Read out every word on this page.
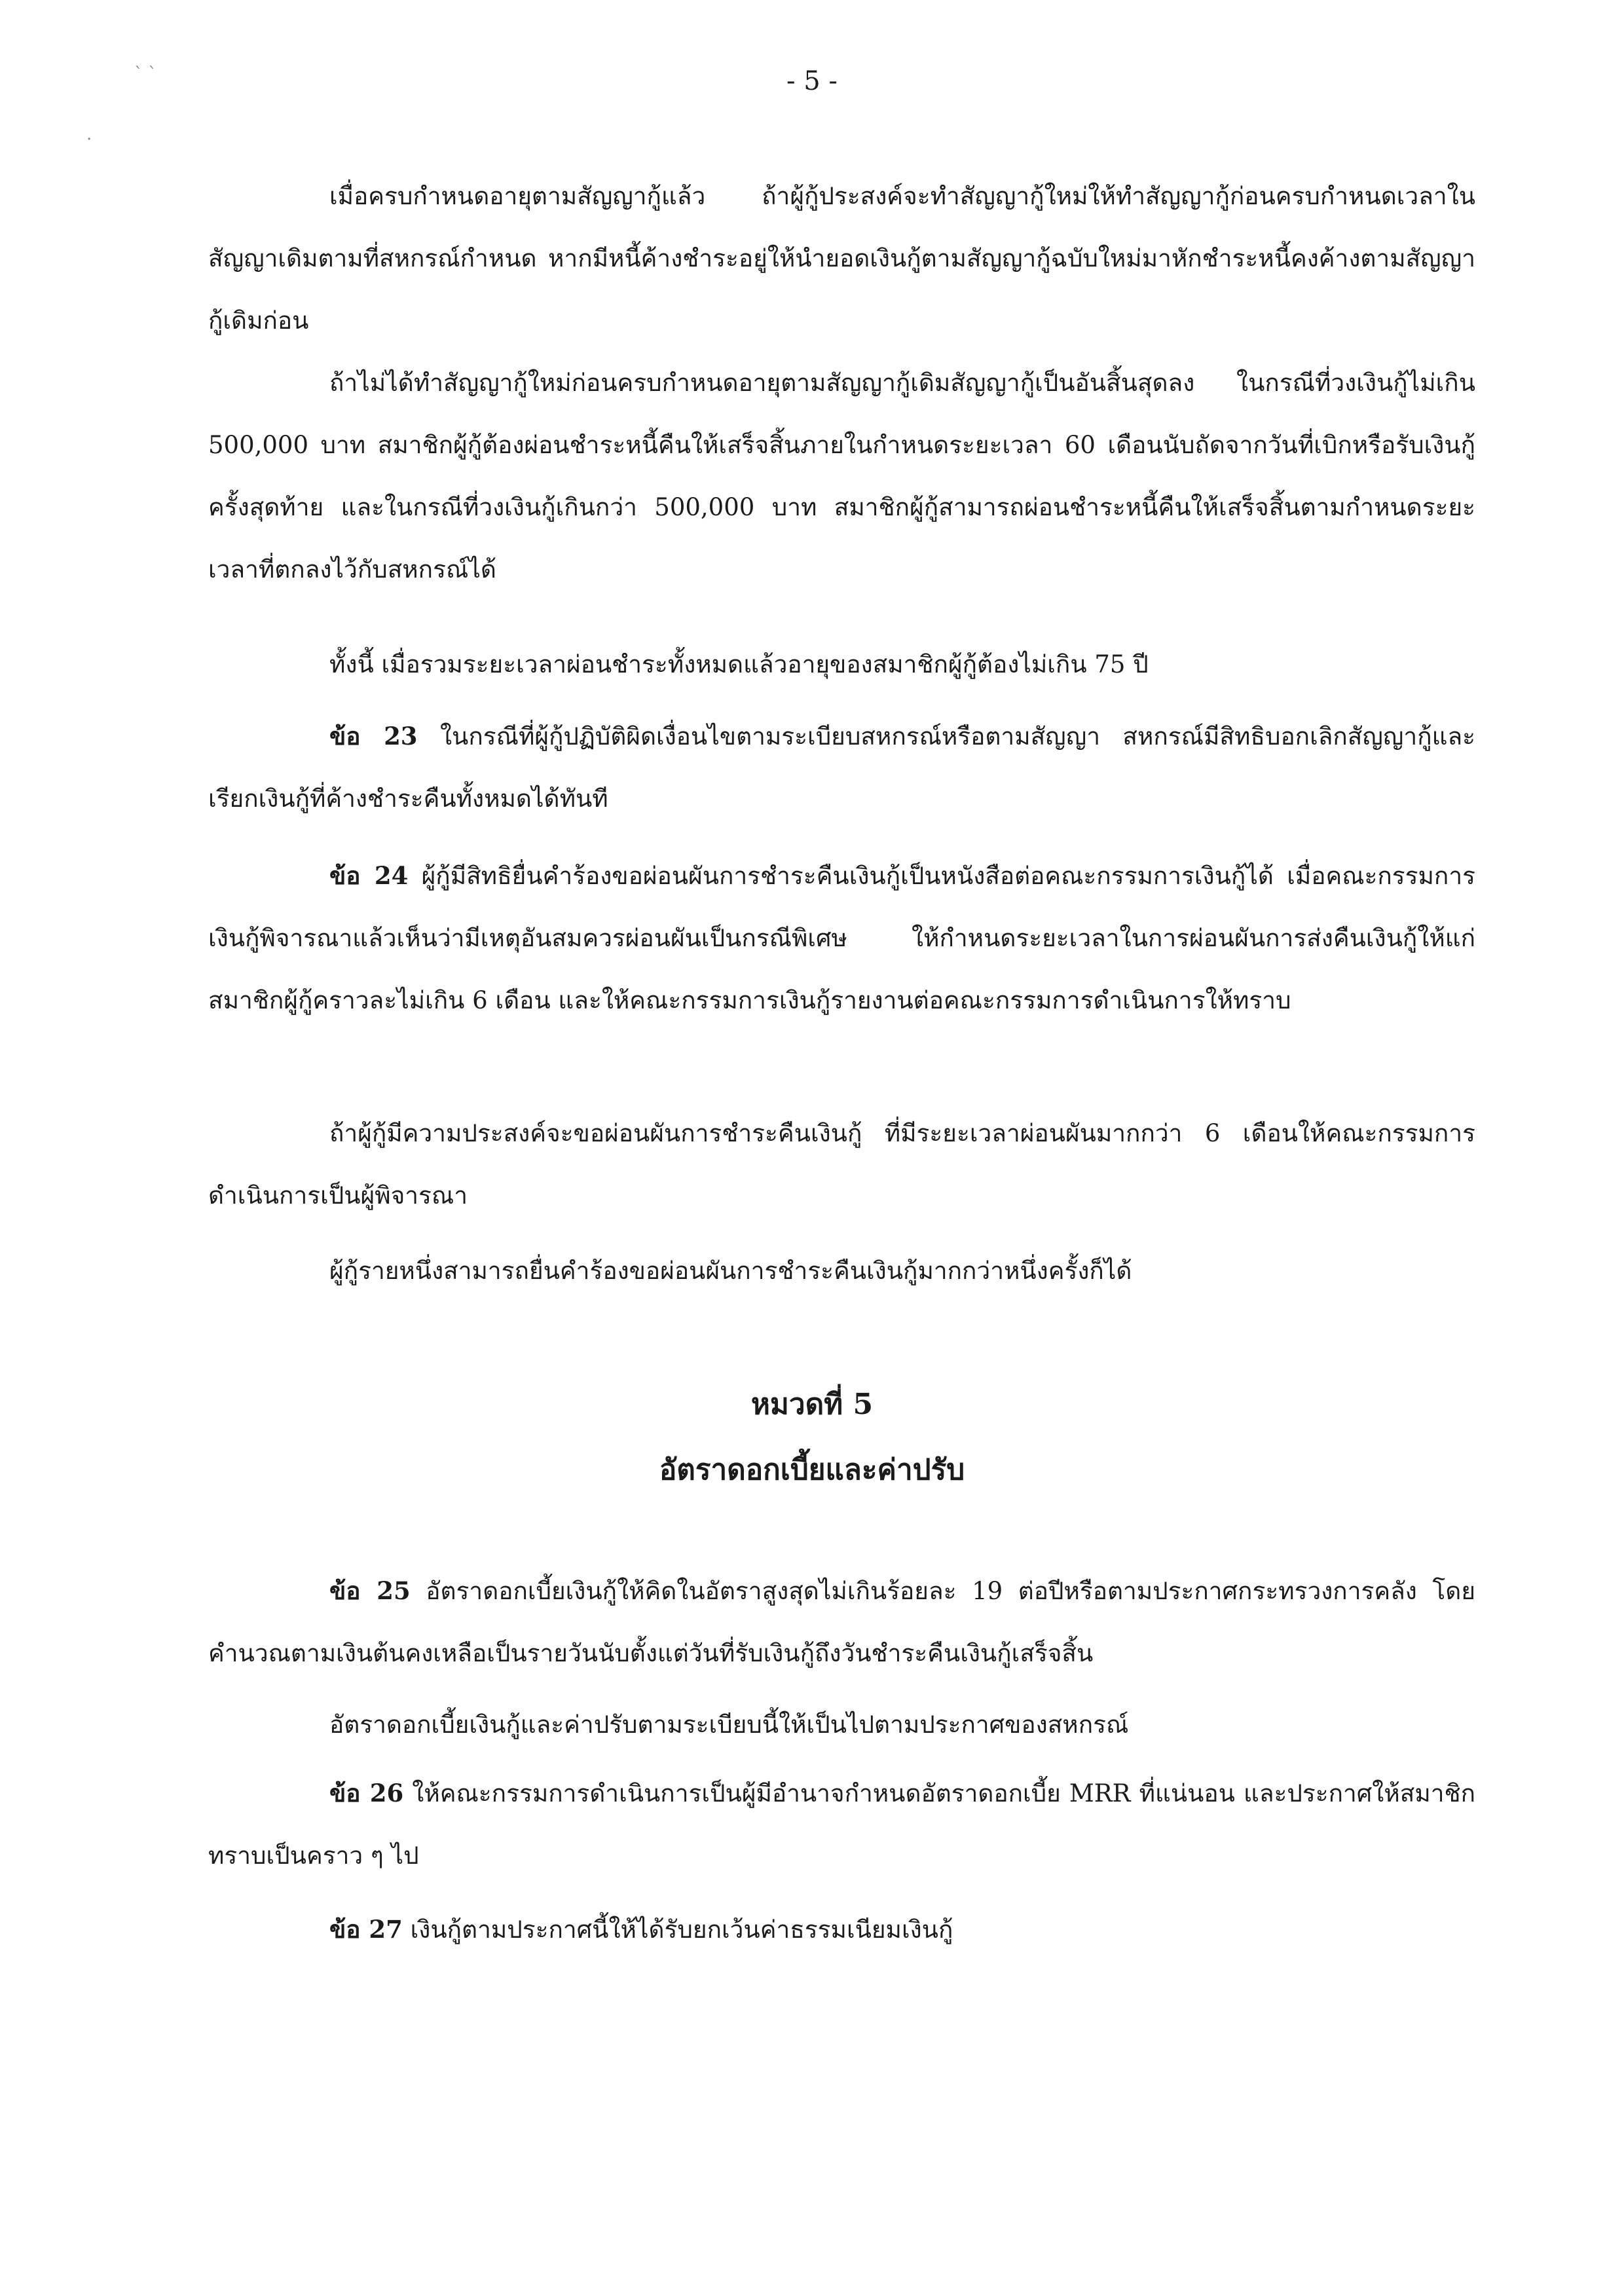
- 5 -
` `
.

เมื่อครบกำหนดอายุตามสัญญากู้แล้ว ถ้าผู้กู้ประสงค์จะทำสัญญากู้ใหม่ให้ทำสัญญากู้ก่อนครบกำหนดเวลาในสัญญาเดิมตามที่สหกรณ์กำหนด หากมีหนี้ค้างชำระอยู่ให้นำยอดเงินกู้ตามสัญญากู้ฉบับใหม่มาหักชำระหนี้คงค้างตามสัญญากู้เดิมก่อน

ถ้าไม่ได้ทำสัญญากู้ใหม่ก่อนครบกำหนดอายุตามสัญญากู้เดิมสัญญากู้เป็นอันสิ้นสุดลง ในกรณีที่วงเงินกู้ไม่เกิน 500,000 บาท สมาชิกผู้กู้ต้องผ่อนชำระหนี้คืนให้เสร็จสิ้นภายในกำหนดระยะเวลา 60 เดือนนับถัดจากวันที่เบิกหรือรับเงินกู้ครั้งสุดท้าย และในกรณีที่วงเงินกู้เกินกว่า 500,000 บาท สมาชิกผู้กู้สามารถผ่อนชำระหนี้คืนให้เสร็จสิ้นตามกำหนดระยะเวลาที่ตกลงไว้กับสหกรณ์ได้

ทั้งนี้ เมื่อรวมระยะเวลาผ่อนชำระทั้งหมดแล้วอายุของสมาชิกผู้กู้ต้องไม่เกิน 75 ปี

ข้อ 23 ในกรณีที่ผู้กู้ปฏิบัติผิดเงื่อนไขตามระเบียบสหกรณ์หรือตามสัญญา สหกรณ์มีสิทธิบอกเลิกสัญญากู้และเรียกเงินกู้ที่ค้างชำระคืนทั้งหมดได้ทันที

ข้อ 24 ผู้กู้มีสิทธิยื่นคำร้องขอผ่อนผันการชำระคืนเงินกู้เป็นหนังสือต่อคณะกรรมการเงินกู้ได้ เมื่อคณะกรรมการเงินกู้พิจารณาแล้วเห็นว่ามีเหตุอันสมควรผ่อนผันเป็นกรณีพิเศษ ให้กำหนดระยะเวลาในการผ่อนผันการส่งคืนเงินกู้ให้แก่สมาชิกผู้กู้คราวละไม่เกิน 6 เดือน และให้คณะกรรมการเงินกู้รายงานต่อคณะกรรมการดำเนินการให้ทราบ

ถ้าผู้กู้มีความประสงค์จะขอผ่อนผันการชำระคืนเงินกู้ ที่มีระยะเวลาผ่อนผันมากกว่า 6 เดือนให้คณะกรรมการดำเนินการเป็นผู้พิจารณา

ผู้กู้รายหนึ่งสามารถยื่นคำร้องขอผ่อนผันการชำระคืนเงินกู้มากกว่าหนึ่งครั้งก็ได้

หมวดที่ 5
อัตราดอกเบี้ยและค่าปรับ

ข้อ 25 อัตราดอกเบี้ยเงินกู้ให้คิดในอัตราสูงสุดไม่เกินร้อยละ 19 ต่อปีหรือตามประกาศกระทรวงการคลัง โดยคำนวณตามเงินต้นคงเหลือเป็นรายวันนับตั้งแต่วันที่รับเงินกู้ถึงวันชำระคืนเงินกู้เสร็จสิ้น

อัตราดอกเบี้ยเงินกู้และค่าปรับตามระเบียบนี้ให้เป็นไปตามประกาศของสหกรณ์

ข้อ 26 ให้คณะกรรมการดำเนินการเป็นผู้มีอำนาจกำหนดอัตราดอกเบี้ย MRR ที่แน่นอน และประกาศให้สมาชิกทราบเป็นคราว ๆ ไป

ข้อ 27 เงินกู้ตามประกาศนี้ให้ได้รับยกเว้นค่าธรรมเนียมเงินกู้
